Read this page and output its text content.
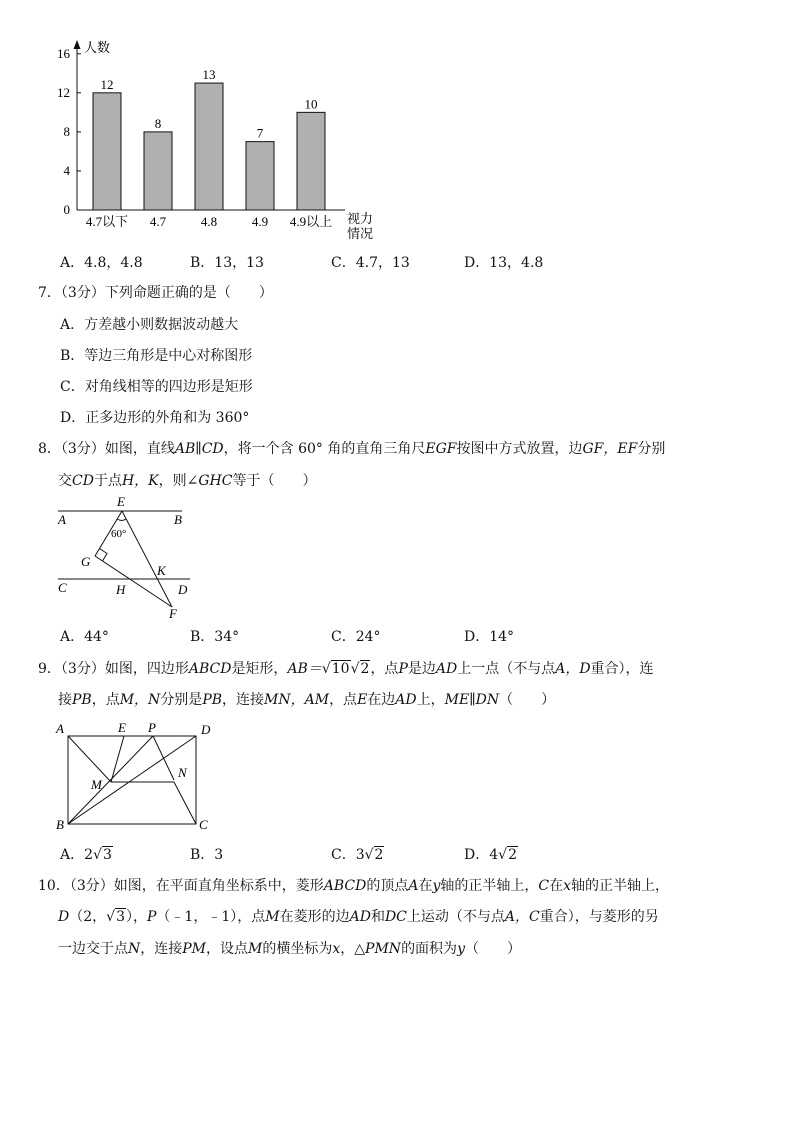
人数
视力
情况
0
4
8
12
16
12
4.7以下
8
4.7
13
4.8
7
4.9
10
4.9以上
A．4.8，4.8	B．13，13	C．4.7，13	D．13，4.8
7．（3分）下列命题正确的是（　　）
A．方差越小则数据波动越大
B．等边三角形是中心对称图形
C．对角线相等的四边形是矩形
D．正多边形的外角和为 360°
8．（3分）如图，直线AB∥CD，将一个含 60° 角的直角三角尺EGF按图中方式放置，边GF，EF分别
交CD于点H，K，则∠GHC等于（　　）
A	B
E
60°
G
K
C	H	D
F
A．44°	B．34°	C．24°	D．14°
9．（3分）如图，四边形ABCD是矩形，AB＝√10√2，点P是边AD上一点（不与点A，D重合），连
接PB，点M，N分别是PB，连接MN，AM，点E在边AD上，ME∥DN（　　）
A	E P	D
M
N
B	C
A．2√3	B．3	C．3√2	D．4√2
10．（3分）如图，在平面直角坐标系中，菱形ABCD的顶点A在y轴的正半轴上，C在x轴的正半轴上，
D（2，√3），P（﹣1，﹣1），点M在菱形的边AD和DC上运动（不与点A，C重合），与菱形的另
一边交于点N，连接PM，设点M的横坐标为x，△PMN的面积为y（　　）
